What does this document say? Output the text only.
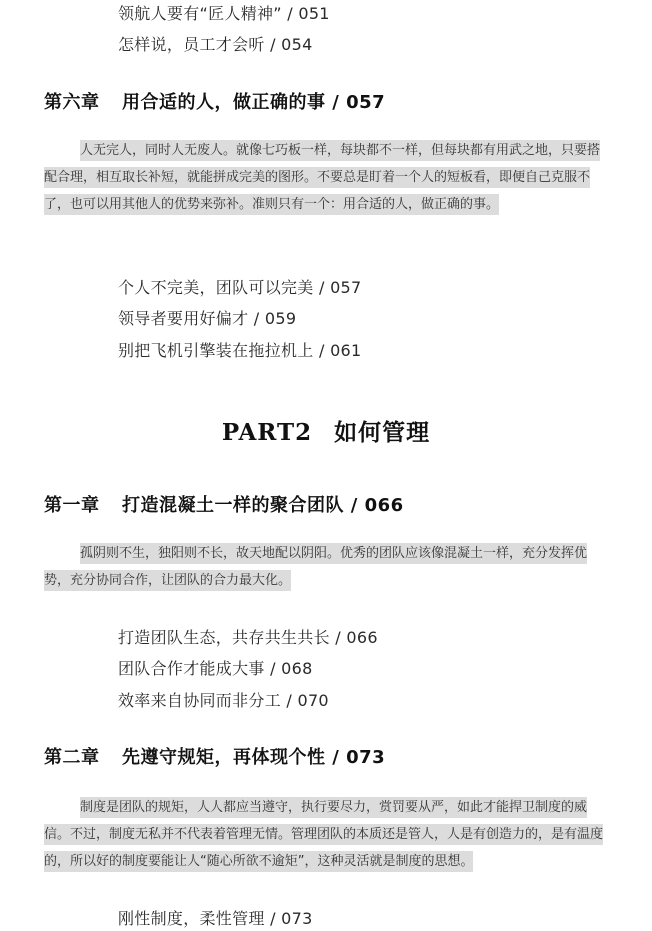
领航人要有“匠人精神” / 051
怎样说，员工才会听 / 054
第六章 用合适的人，做正确的事 / 057
人无完人，同时人无废人。就像七巧板一样，每块都不一样，但每块都有用武之地，只要搭配合理，相互取长补短，就能拼成完美的图形。不要总是盯着一个人的短板看，即便自己克服不了，也可以用其他人的优势来弥补。准则只有一个：用合适的人，做正确的事。
个人不完美，团队可以完美 / 057
领导者要用好偏才 / 059
别把飞机引擎装在拖拉机上 / 061
PART2 如何管理
第一章 打造混凝土一样的聚合团队 / 066
孤阴则不生，独阳则不长，故天地配以阴阳。优秀的团队应该像混凝土一样，充分发挥优势，充分协同合作，让团队的合力最大化。
打造团队生态，共存共生共长 / 066
团队合作才能成大事 / 068
效率来自协同而非分工 / 070
第二章 先遵守规矩，再体现个性 / 073
制度是团队的规矩，人人都应当遵守，执行要尽力，赏罚要从严，如此才能捍卫制度的威信。不过，制度无私并不代表着管理无情。管理团队的本质还是管人，人是有创造力的，是有温度的，所以好的制度要能让人“随心所欲不逾矩”，这种灵活就是制度的思想。
刚性制度，柔性管理 / 073
